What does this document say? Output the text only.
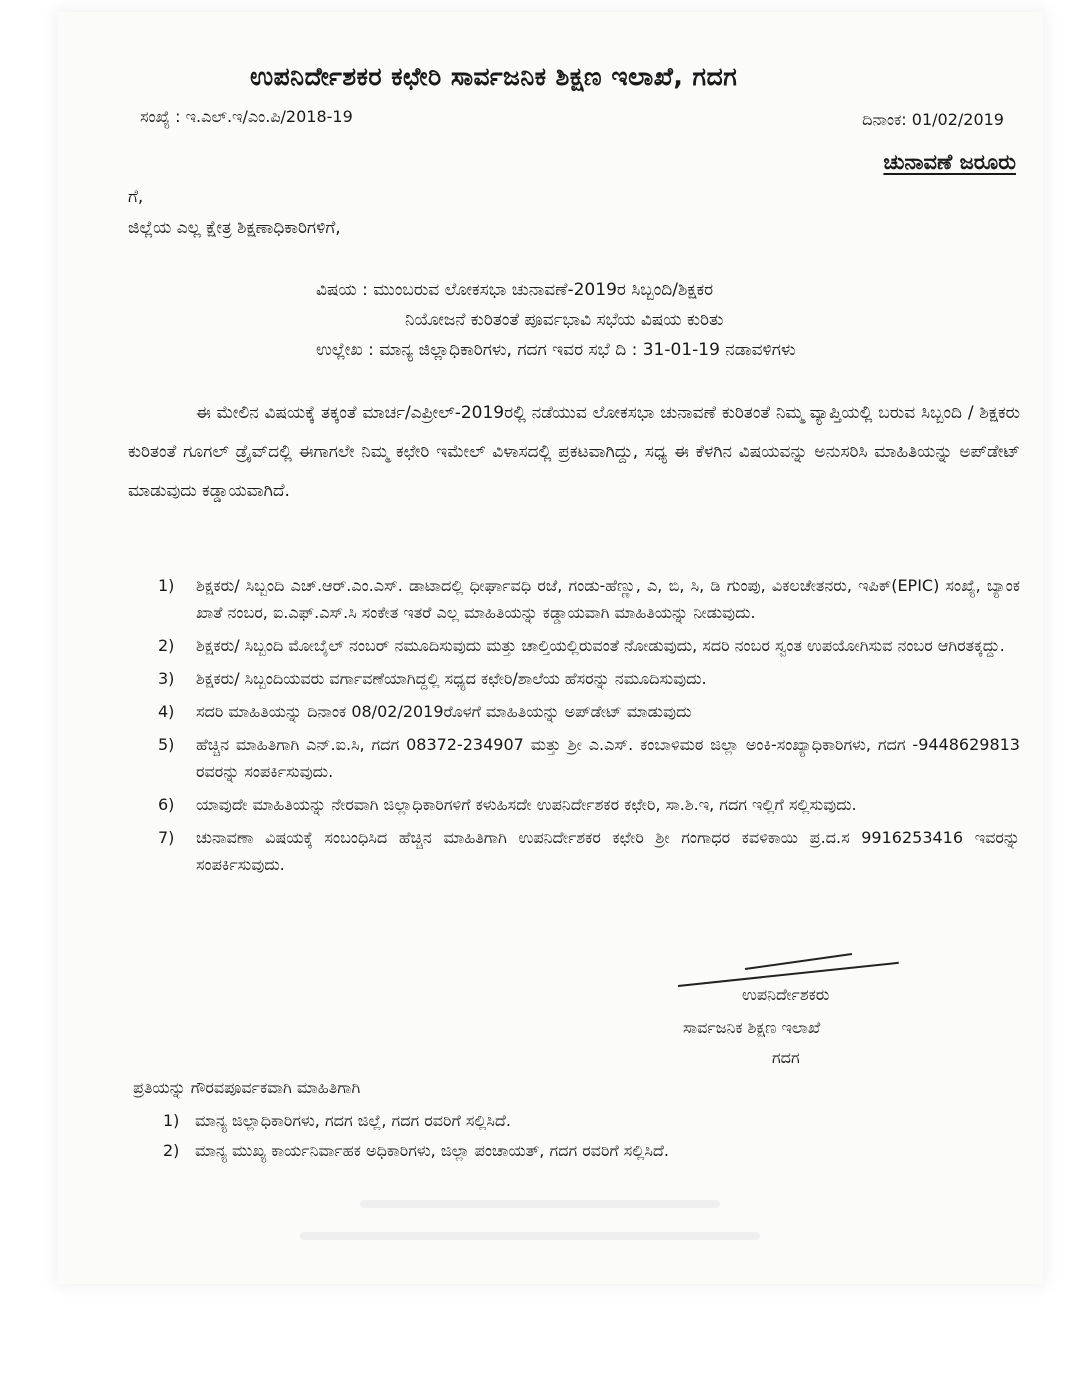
ಉಪನಿರ್ದೇಶಕರ ಕಛೇರಿ ಸಾರ್ವಜನಿಕ ಶಿಕ್ಷಣ ಇಲಾಖೆ, ಗದಗ
ಸಂಖ್ಯೆ : ಇ.ಎಲ್.ಇ/ಎಂ.ಪಿ/2018-19	ದಿನಾಂಕ: 01/02/2019
ಚುನಾವಣೆ ಜರೂರು
ಗೆ,
ಜಿಲ್ಲೆಯ ಎಲ್ಲ ಕ್ಷೇತ್ರ ಶಿಕ್ಷಣಾಧಿಕಾರಿಗಳಿಗೆ,
ವಿಷಯ : ಮುಂಬರುವ ಲೋಕಸಭಾ ಚುನಾವಣೆ-2019ರ ಸಿಬ್ಬಂದಿ/ಶಿಕ್ಷಕರ
ನಿಯೋಜನೆ ಕುರಿತಂತೆ ಪೂರ್ವಭಾವಿ ಸಭೆಯ ವಿಷಯ ಕುರಿತು
ಉಲ್ಲೇಖ : ಮಾನ್ಯ ಜಿಲ್ಲಾಧಿಕಾರಿಗಳು, ಗದಗ ಇವರ ಸಭೆ ದಿ : 31-01-19 ನಡಾವಳಿಗಳು
ಈ ಮೇಲಿನ ವಿಷಯಕ್ಕೆ ತಕ್ಕಂತೆ ಮಾರ್ಚ/ಎಪ್ರೀಲ್-2019ರಲ್ಲಿ ನಡೆಯುವ ಲೋಕಸಭಾ ಚುನಾವಣೆ ಕುರಿತಂತೆ ನಿಮ್ಮ ವ್ಯಾಪ್ತಿಯಲ್ಲಿ ಬರುವ ಸಿಬ್ಬಂದಿ / ಶಿಕ್ಷಕರು ಕುರಿತಂತೆ ಗೂಗಲ್ ಡ್ರೈವ್‌ದಲ್ಲಿ ಈಗಾಗಲೇ ನಿಮ್ಮ ಕಛೇರಿ ಇಮೇಲ್ ವಿಳಾಸದಲ್ಲಿ ಪ್ರಕಟವಾಗಿದ್ದು, ಸಧ್ಯ ಈ ಕೆಳಗಿನ ವಿಷಯವನ್ನು ಅನುಸರಿಸಿ ಮಾಹಿತಿಯನ್ನು ಅಪ್‌ಡೇಟ್ ಮಾಡುವುದು ಕಡ್ಡಾಯವಾಗಿದೆ.
1)	ಶಿಕ್ಷಕರು/ ಸಿಬ್ಬಂದಿ ಎಚ್.ಆರ್.ಎಂ.ಎಸ್. ಡಾಟಾದಲ್ಲಿ ಧೀರ್ಘಾವಧಿ ರಜೆ, ಗಂಡು-ಹೆಣ್ಣು, ಎ, ಬಿ, ಸಿ, ಡಿ ಗುಂಪು, ವಿಕಲಚೇತನರು, ಇಪಿಕ್(EPIC) ಸಂಖ್ಯೆ, ಬ್ಯಾಂಕ ಖಾತೆ ನಂಬರ, ಐ.ಎಫ್.ಎಸ್.ಸಿ ಸಂಕೇತ ಇತರೆ ಎಲ್ಲ ಮಾಹಿತಿಯನ್ನು ಕಡ್ಡಾಯವಾಗಿ ಮಾಹಿತಿಯನ್ನು ನೀಡುವುದು.
2)	ಶಿಕ್ಷಕರು/ ಸಿಬ್ಬಂದಿ ಮೋಬೈಲ್ ನಂಬರ್ ನಮೂದಿಸುವುದು ಮತ್ತು ಚಾಲ್ತಿಯಲ್ಲಿರುವಂತೆ ನೋಡುವುದು, ಸದರಿ ನಂಬರ ಸ್ವಂತ ಉಪಯೋಗಿಸುವ ನಂಬರ ಆಗಿರತಕ್ಕದ್ದು.
3)	ಶಿಕ್ಷಕರು/ ಸಿಬ್ಬಂದಿಯವರು ವರ್ಗಾವಣೆಯಾಗಿದ್ದಲ್ಲಿ ಸಧ್ಯದ ಕಛೇರಿ/ಶಾಲೆಯ ಹೆಸರನ್ನು ನಮೂದಿಸುವುದು.
4)	ಸದರಿ ಮಾಹಿತಿಯನ್ನು ದಿನಾಂಕ 08/02/2019ರೊಳಗೆ ಮಾಹಿತಿಯನ್ನು ಅಪ್‌ಡೇಟ್ ಮಾಡುವುದು
5)	ಹೆಚ್ಚಿನ ಮಾಹಿತಿಗಾಗಿ ಎನ್.ಐ.ಸಿ, ಗದಗ 08372-234907 ಮತ್ತು ಶ್ರೀ ಎ.ಎಸ್. ಕಂಬಾಳಿಮಠ ಜಿಲ್ಲಾ ಅಂಕಿ-ಸಂಖ್ಯಾಧಿಕಾರಿಗಳು, ಗದಗ -9448629813 ರವರನ್ನು ಸಂಪರ್ಕಿಸುವುದು.
6)	ಯಾವುದೇ ಮಾಹಿತಿಯನ್ನು ನೇರವಾಗಿ ಜಿಲ್ಲಾಧಿಕಾರಿಗಳಿಗೆ ಕಳುಹಿಸದೇ ಉಪನಿರ್ದೇಶಕರ ಕಛೇರಿ, ಸಾ.ಶಿ.ಇ, ಗದಗ ಇಲ್ಲಿಗೆ ಸಲ್ಲಿಸುವುದು.
7)	ಚುನಾವಣಾ ವಿಷಯಕ್ಕೆ ಸಂಬಂಧಿಸಿದ ಹೆಚ್ಚಿನ ಮಾಹಿತಿಗಾಗಿ ಉಪನಿರ್ದೇಶಕರ ಕಛೇರಿ ಶ್ರೀ ಗಂಗಾಧರ ಕವಳಿಕಾಯಿ ಪ್ರ.ದ.ಸ 9916253416 ಇವರನ್ನು ಸಂಪರ್ಕಿಸುವುದು.
ಉಪನಿರ್ದೇಶಕರು
ಸಾರ್ವಜನಿಕ ಶಿಕ್ಷಣ ಇಲಾಖೆ
ಗದಗ
ಪ್ರತಿಯನ್ನು ಗೌರವಪೂರ್ವಕವಾಗಿ ಮಾಹಿತಿಗಾಗಿ
1) ಮಾನ್ಯ ಜಿಲ್ಲಾಧಿಕಾರಿಗಳು, ಗದಗ ಜಿಲ್ಲೆ, ಗದಗ ರವರಿಗೆ ಸಲ್ಲಿಸಿದೆ.
2) ಮಾನ್ಯ ಮುಖ್ಯ ಕಾರ್ಯನಿರ್ವಾಹಕ ಅಧಿಕಾರಿಗಳು, ಜಿಲ್ಲಾ ಪಂಚಾಯತ್, ಗದಗ ರವರಿಗೆ ಸಲ್ಲಿಸಿದೆ.
